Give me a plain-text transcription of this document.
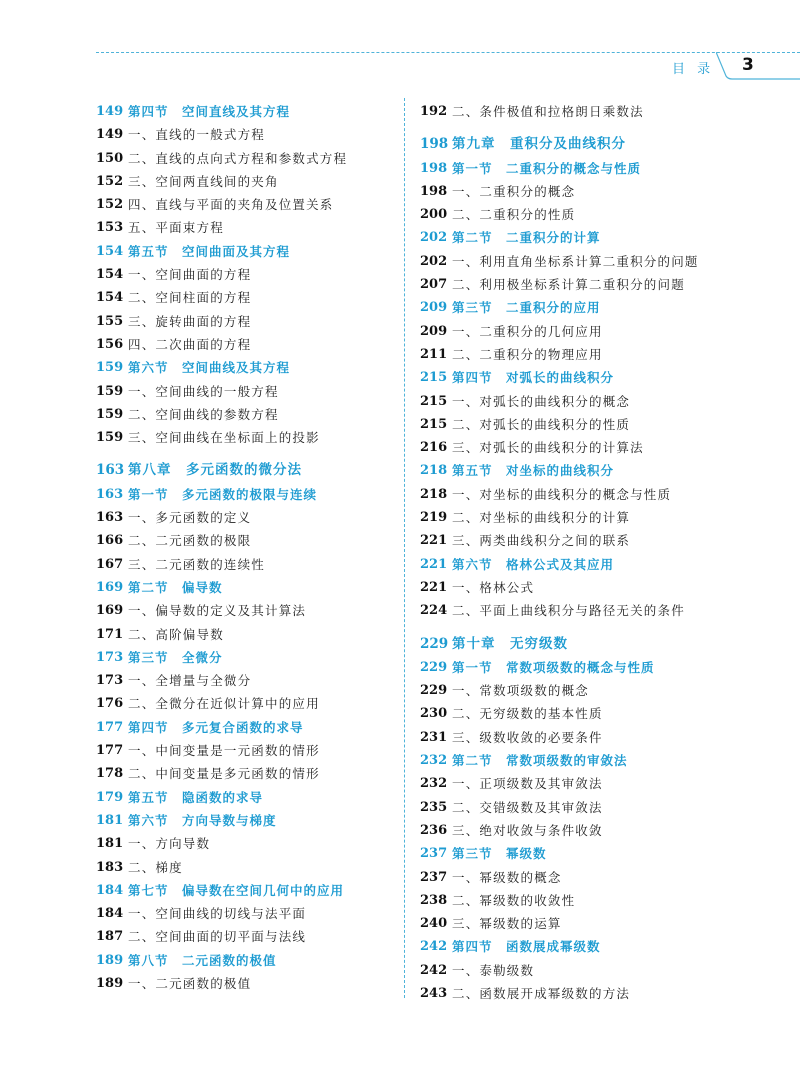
目 录 3
149 第四节　空间直线及其方程
149 一、直线的一般式方程
150 二、直线的点向式方程和参数式方程
152 三、空间两直线间的夹角
152 四、直线与平面的夹角及位置关系
153 五、平面束方程
154 第五节　空间曲面及其方程
154 一、空间曲面的方程
154 二、空间柱面的方程
155 三、旋转曲面的方程
156 四、二次曲面的方程
159 第六节　空间曲线及其方程
159 一、空间曲线的一般方程
159 二、空间曲线的参数方程
159 三、空间曲线在坐标面上的投影
163 第八章　多元函数的微分法
163 第一节　多元函数的极限与连续
163 一、多元函数的定义
166 二、二元函数的极限
167 三、二元函数的连续性
169 第二节　偏导数
169 一、偏导数的定义及其计算法
171 二、高阶偏导数
173 第三节　全微分
173 一、全增量与全微分
176 二、全微分在近似计算中的应用
177 第四节　多元复合函数的求导
177 一、中间变量是一元函数的情形
178 二、中间变量是多元函数的情形
179 第五节　隐函数的求导
181 第六节　方向导数与梯度
181 一、方向导数
183 二、梯度
184 第七节　偏导数在空间几何中的应用
184 一、空间曲线的切线与法平面
187 二、空间曲面的切平面与法线
189 第八节　二元函数的极值
189 一、二元函数的极值
192 二、条件极值和拉格朗日乘数法
198 第九章　重积分及曲线积分
198 第一节　二重积分的概念与性质
198 一、二重积分的概念
200 二、二重积分的性质
202 第二节　二重积分的计算
202 一、利用直角坐标系计算二重积分的问题
207 二、利用极坐标系计算二重积分的问题
209 第三节　二重积分的应用
209 一、二重积分的几何应用
211 二、二重积分的物理应用
215 第四节　对弧长的曲线积分
215 一、对弧长的曲线积分的概念
215 二、对弧长的曲线积分的性质
216 三、对弧长的曲线积分的计算法
218 第五节　对坐标的曲线积分
218 一、对坐标的曲线积分的概念与性质
219 二、对坐标的曲线积分的计算
221 三、两类曲线积分之间的联系
221 第六节　格林公式及其应用
221 一、格林公式
224 二、平面上曲线积分与路径无关的条件
229 第十章　无穷级数
229 第一节　常数项级数的概念与性质
229 一、常数项级数的概念
230 二、无穷级数的基本性质
231 三、级数收敛的必要条件
232 第二节　常数项级数的审敛法
232 一、正项级数及其审敛法
235 二、交错级数及其审敛法
236 三、绝对收敛与条件收敛
237 第三节　幂级数
237 一、幂级数的概念
238 二、幂级数的收敛性
240 三、幂级数的运算
242 第四节　函数展成幂级数
242 一、泰勒级数
243 二、函数展开成幂级数的方法
